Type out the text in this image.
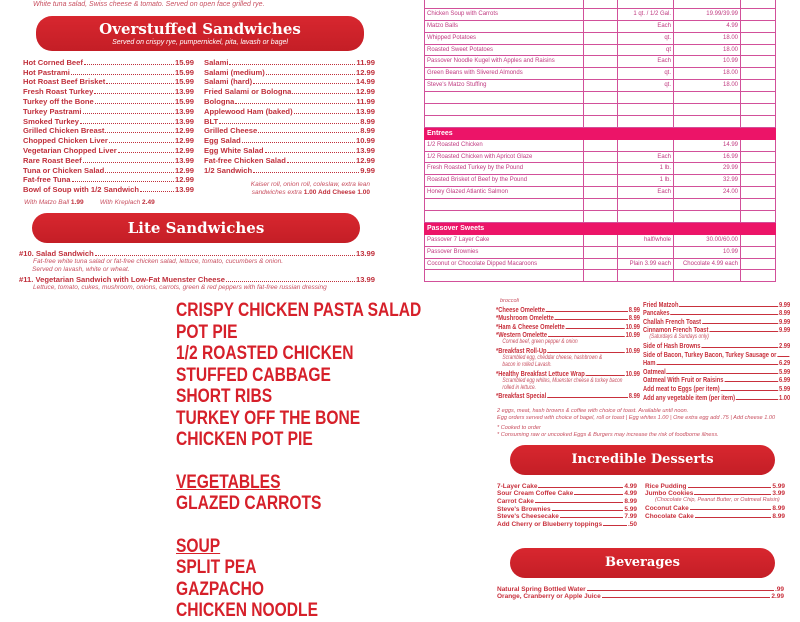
White tuna salad, Swiss cheese & tomato. Served on open face grilled rye.
Overstuffed Sandwiches
Served on crispy rye, pumpernickel, pita, lavash or bagel
Hot Corned Beef	15.99
Hot Pastrami	15.99
Hot Roast Beef Brisket	15.99
Fresh Roast Turkey	13.99
Turkey off the Bone	15.99
Turkey Pastrami	13.99
Smoked Turkey	13.99
Grilled Chicken Breast	12.99
Chopped Chicken Liver	12.99
Vegetarian Chopped Liver	12.99
Rare Roast Beef	13.99
Tuna or Chicken Salad	12.99
Fat-free Tuna	12.99
Bowl of Soup with 1/2 Sandwich	13.99
Salami	11.99
Salami (medium)	12.99
Salami (hard)	14.99
Fried Salami or Bologna	12.99
Bologna	11.99
Applewood Ham (baked)	13.99
BLT	8.99
Grilled Cheese	8.99
Egg Salad	10.99
Egg White Salad	13.99
Fat-free Chicken Salad	12.99
1/2 Sandwich	9.99
Kaiser roll, onion roll, coleslaw, extra lean
sandwiches extra 1.00 Add Cheese 1.00
With Matzo Ball 1.99	With Kreplach 2.49
Lite Sandwiches
#10. Salad Sandwich	13.99
Fat-free white tuna salad or fat-free chicken salad, lettuce, tomato, cucumbers & onion.
Served on lavash, white or wheat.
#11. Vegetarian Sandwich with Low-Fat Muenster Cheese	13.99
Lettuce, tomato, cukes, mushroom, onions, carrots, green & red peppers with fat-free russian dressing
CRISPY CHICKEN PASTA SALAD
POT PIE
1/2 ROASTED CHICKEN
STUFFED CABBAGE
SHORT RIBS
TURKEY OFF THE BONE
CHICKEN POT PIE
VEGETABLES
GLAZED CARROTS
SOUP
SPLIT PEA
GAZPACHO
CHICKEN NOODLE

Chicken Soup with Carrots		1 qt. / 1/2 Gal.	19.99/39.99	
Matzo Balls		Each	4.99	
Whipped Potatoes		qt.	18.00	
Roasted Sweet Potatoes		qt	18.00	
Passover Noodle Kugel with Apples and Raisins		Each	10.99	
Green Beans with Slivered Almonds		qt.	18.00	
Steve's Matzo Stuffing		qt.	18.00	

Entrees				
1/2 Roasted Chicken			14.99	
1/2 Roasted Chicken with Apricot Glaze		Each	16.99	
Fresh Roasted Turkey by the Pound		1 lb.	29.99	
Roasted Brisket of Beef by the Pound		1 lb.	32.99	
Honey Glazed Atlantic Salmon		Each	24.00	

Passover Sweets				
Passover 7 Layer Cake		half/whole	30.00/60.00	
Passover Brownies			10.99	
Coconut or Chocolate Dipped Macaroons		Plain 3.99 each	Chocolate 4.99 each	

broccoli
*Cheese Omelette	8.99
*Mushroom Omelette	8.99
*Ham & Cheese Omelette	10.99
*Western Omelette	10.99
Corned beef, green pepper & onion
*Breakfast Roll-Up	10.99
Scrambled egg, cheddar cheese, hashbrown &
bacon in rolled Lavash.
*Healthy Breakfast Lettuce Wrap	10.99
Scrambled egg whites, Muenster cheese & turkey bacon
rolled in lettuce.
*Breakfast Special	8.99
Fried Matzoh	9.99
Pancakes	8.99
Challah French Toast	9.99
Cinnamon French Toast	9.99
(Saturdays & Sundays only)
Side of Hash Browns	2.99
Side of Bacon, Turkey Bacon, Turkey Sausage or
Ham	6.29
Oatmeal	5.99
Oatmeal With Fruit or Raisins	6.99
Add meat to Eggs (per item)	5.99
Add any vegetable item (per item)	1.00
2 eggs, meat, hash browns & coffee with choice of toast. Available until noon.
Egg orders served with choice of bagel, roll or toast | Egg whites 1.00 | One extra egg add .75 | Add cheese 1.00
* Cooked to order
* Consuming raw or uncooked Eggs & Burgers may increase the risk of foodborne illness.
Incredible Desserts
7-Layer Cake	4.99
Sour Cream Coffee Cake	4.99
Carrot Cake	8.99
Steve's Brownies	5.99
Steve's Cheesecake	7.99
Add Cherry or Blueberry toppings	.50
Rice Pudding	5.99
Jumbo Cookies	3.99
(Chocolate Chip, Peanut Butter, or Oatmeal Raisin)
Coconut Cake	8.99
Chocolate Cake	8.99
Beverages
Natural Spring Bottled Water	.99
Orange, Cranberry or Apple Juice	2.99
